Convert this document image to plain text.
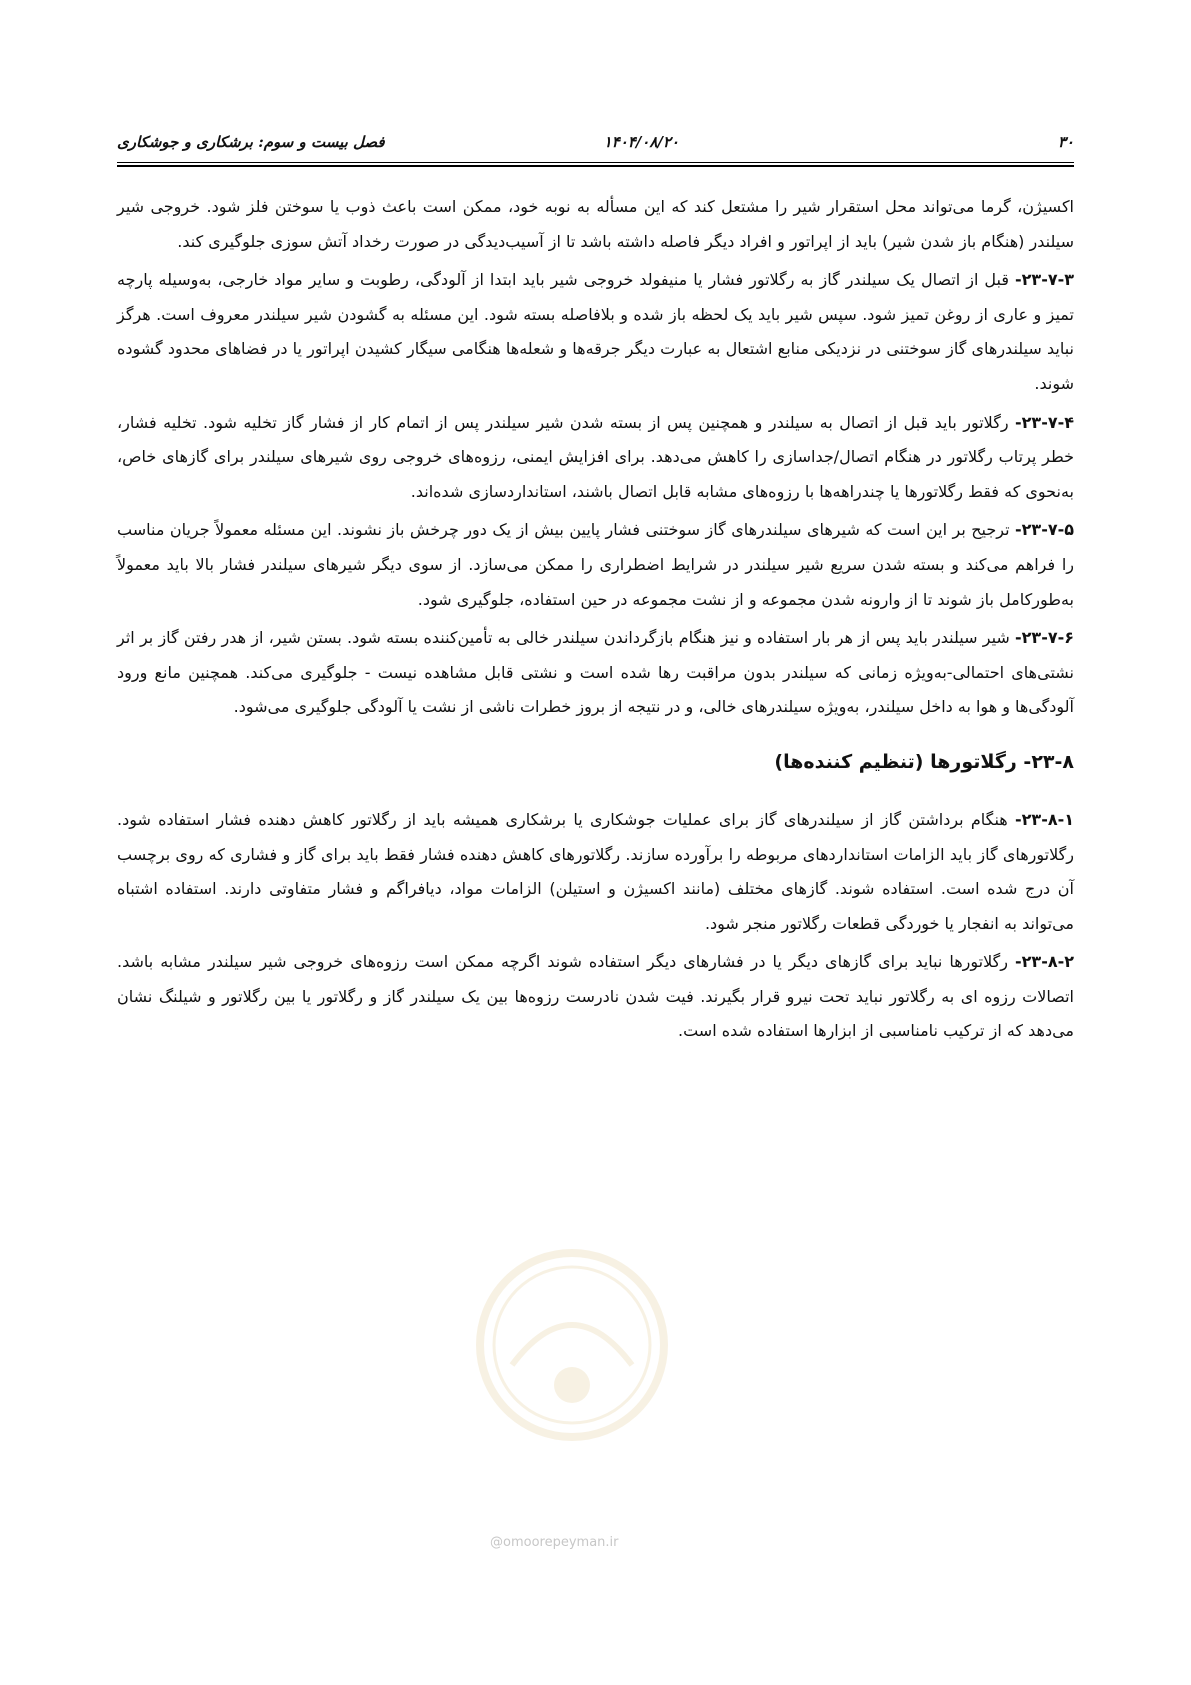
۳۰
۱۴۰۴/۰۸/۲۰
فصل بیست و سوم: برشکاری و جوشکاری

اکسیژن، گرما می‌تواند محل استقرار شیر را مشتعل کند که این مسأله به نوبه خود، ممکن است باعث ذوب یا سوختن فلز شود. خروجی شیر سیلندر (هنگام باز شدن شیر) باید از اپراتور و افراد دیگر فاصله داشته باشد تا از آسیب‌دیدگی در صورت رخداد آتش سوزی جلوگیری کند.

۲۳-۷-۳- قبل از اتصال یک سیلندر گاز به رگلاتور فشار یا منیفولد خروجی شیر باید ابتدا از آلودگی، رطوبت و سایر مواد خارجی، به‌وسیله پارچه تمیز و عاری از روغن تمیز شود. سپس شیر باید یک لحظه باز شده و بلافاصله بسته شود. این مسئله به گشودن شیر سیلندر معروف است. هرگز نباید سیلندرهای گاز سوختنی در نزدیکی منابع اشتعال به عبارت دیگر جرقه‌ها و شعله‌ها هنگامی سیگار کشیدن اپراتور یا در فضاهای محدود گشوده شوند.

۲۳-۷-۴- رگلاتور باید قبل از اتصال به سیلندر و همچنین پس از بسته شدن شیر سیلندر پس از اتمام کار از فشار گاز تخلیه شود. تخلیه فشار، خطر پرتاب رگلاتور در هنگام اتصال/جداسازی را کاهش می‌دهد. برای افزایش ایمنی، رزوه‌های خروجی روی شیرهای سیلندر برای گازهای خاص، به‌نحوی که فقط رگلاتورها یا چندراهه‌ها با رزوه‌های مشابه قابل اتصال باشند، استانداردسازی شده‌اند.

۲۳-۷-۵- ترجیح بر این است که شیرهای سیلندرهای گاز سوختنی فشار پایین بیش از یک دور چرخش باز نشوند. این مسئله معمولاً جریان مناسب را فراهم می‌کند و بسته شدن سریع شیر سیلندر در شرایط اضطراری را ممکن می‌سازد. از سوی دیگر شیرهای سیلندر فشار بالا باید معمولاً به‌طورکامل باز شوند تا از وارونه شدن مجموعه و از نشت مجموعه در حین استفاده، جلوگیری شود.

۲۳-۷-۶- شیر سیلندر باید پس از هر بار استفاده و نیز هنگام بازگرداندن سیلندر خالی به تأمین‌کننده بسته شود. بستن شیر، از هدر رفتن گاز بر اثر نشتی‌های احتمالی-به‌ویژه زمانی که سیلندر بدون مراقبت رها شده است و نشتی قابل مشاهده نیست - جلوگیری می‌کند. همچنین مانع ورود آلودگی‌ها و هوا به داخل سیلندر، به‌ویژه سیلندرهای خالی، و در نتیجه از بروز خطرات ناشی از نشت یا آلودگی جلوگیری می‌شود.

۲۳-۸- رگلاتورها (تنظیم کننده‌ها)

۲۳-۸-۱- هنگام برداشتن گاز از سیلندرهای گاز برای عملیات جوشکاری یا برشکاری همیشه باید از رگلاتور کاهش دهنده فشار استفاده شود. رگلاتورهای گاز باید الزامات استانداردهای مربوطه را برآورده سازند. رگلاتورهای کاهش دهنده فشار فقط باید برای گاز و فشاری که روی برچسب آن درج شده است. استفاده شوند. گازهای مختلف (مانند اکسیژن و استیلن) الزامات مواد، دیافراگم و فشار متفاوتی دارند. استفاده اشتباه می‌تواند به انفجار یا خوردگی قطعات رگلاتور منجر شود.

۲۳-۸-۲- رگلاتورها نباید برای گازهای دیگر یا در فشارهای دیگر استفاده شوند اگرچه ممکن است رزوه‌های خروجی شیر سیلندر مشابه باشد. اتصالات رزوه ای به رگلاتور نباید تحت نیرو قرار بگیرند. فیت شدن نادرست رزوه‌ها بین یک سیلندر گاز و رگلاتور یا بین رگلاتور و شیلنگ نشان می‌دهد که از ترکیب نامناسبی از ابزارها استفاده شده است.

@omoorepeyman.ir
